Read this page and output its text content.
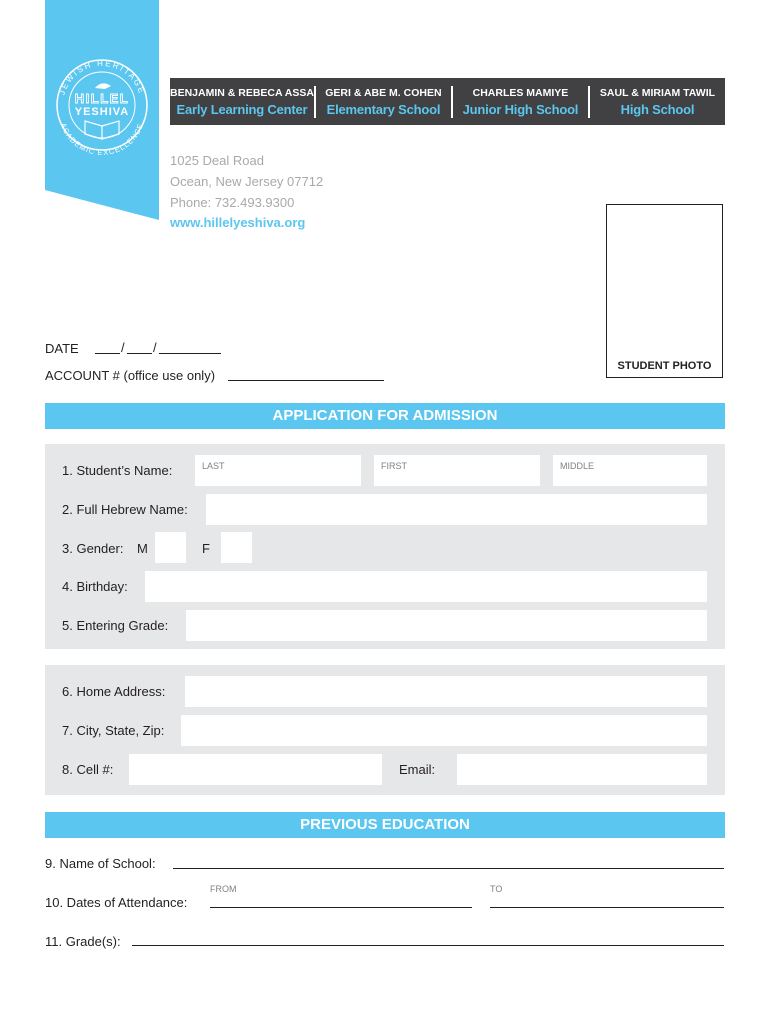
JEWISH HERITAGE
ACADEMIC EXCELLENCE
HILLEL
YESHIVA
BENJAMIN & REBECA ASSA
Early Learning Center
GERI & ABE M. COHEN
Elementary School
CHARLES MAMIYE
Junior High School
SAUL & MIRIAM TAWIL
High School
1025 Deal Road
Ocean, New Jersey 07712
Phone: 732.493.9300
www.hillelyeshiva.org
STUDENT PHOTO
DATE	/ /
ACCOUNT # (office use only)
APPLICATION FOR ADMISSION
1. Student’s Name:	LAST	FIRST	MIDDLE
2. Full Hebrew Name:
3. Gender: M	F
4. Birthday:
5. Entering Grade:
6. Home Address:
7. City, State, Zip:
8. Cell #:	Email:
PREVIOUS EDUCATION
9. Name of School:
FROM	TO
10. Dates of Attendance:
11. Grade(s):
